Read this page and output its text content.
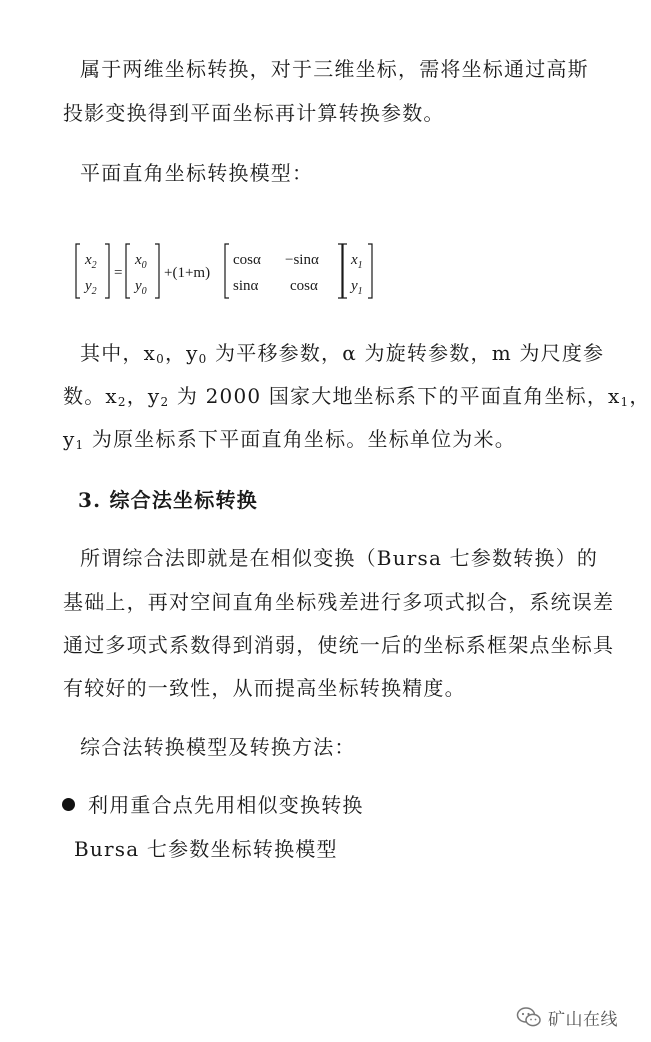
属于两维坐标转换，对于三维坐标，需将坐标通过高斯
投影变换得到平面坐标再计算转换参数。
平面直角坐标转换模型：
$x_2$
$y_2$
=
$x_0$
$y_0$
+(1+m)
cosα −sinα
sinα cosα
$x_1$
$y_1$
其中，$x_0$，$y_0$ 为平移参数，α 为旋转参数，m 为尺度参
数。$x_2$，$y_2$ 为 2000 国家大地坐标系下的平面直角坐标，$x_1$，
$y_1$ 为原坐标系下平面直角坐标。坐标单位为米。
3. 综合法坐标转换
所谓综合法即就是在相似变换（Bursa 七参数转换）的
基础上，再对空间直角坐标残差进行多项式拟合，系统误差
通过多项式系数得到消弱，使统一后的坐标系框架点坐标具
有较好的一致性，从而提高坐标转换精度。
综合法转换模型及转换方法：
利用重合点先用相似变换转换
Bursa 七参数坐标转换模型
矿山在线
